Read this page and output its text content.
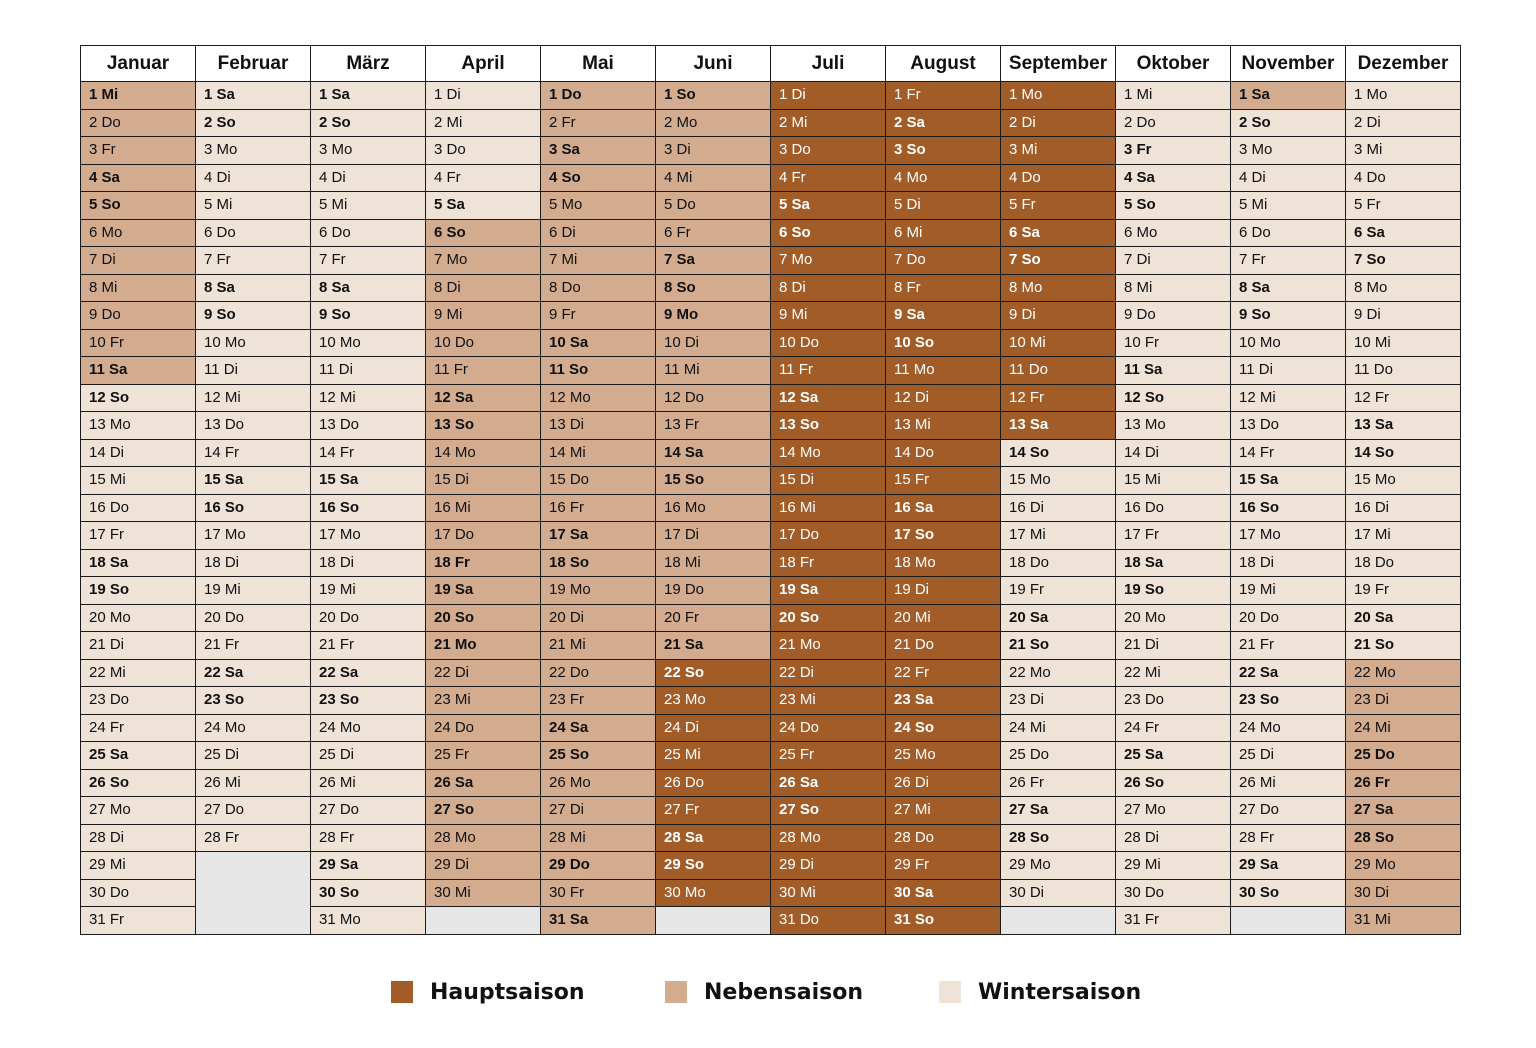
Januar	Februar	März	April	Mai	Juni	Juli	August	September	Oktober	November	Dezember
1 Mi	1 Sa	1 Sa	1 Di	1 Do	1 So	1 Di	1 Fr	1 Mo	1 Mi	1 Sa	1 Mo
2 Do	2 So	2 So	2 Mi	2 Fr	2 Mo	2 Mi	2 Sa	2 Di	2 Do	2 So	2 Di
3 Fr	3 Mo	3 Mo	3 Do	3 Sa	3 Di	3 Do	3 So	3 Mi	3 Fr	3 Mo	3 Mi
4 Sa	4 Di	4 Di	4 Fr	4 So	4 Mi	4 Fr	4 Mo	4 Do	4 Sa	4 Di	4 Do
5 So	5 Mi	5 Mi	5 Sa	5 Mo	5 Do	5 Sa	5 Di	5 Fr	5 So	5 Mi	5 Fr
6 Mo	6 Do	6 Do	6 So	6 Di	6 Fr	6 So	6 Mi	6 Sa	6 Mo	6 Do	6 Sa
7 Di	7 Fr	7 Fr	7 Mo	7 Mi	7 Sa	7 Mo	7 Do	7 So	7 Di	7 Fr	7 So
8 Mi	8 Sa	8 Sa	8 Di	8 Do	8 So	8 Di	8 Fr	8 Mo	8 Mi	8 Sa	8 Mo
9 Do	9 So	9 So	9 Mi	9 Fr	9 Mo	9 Mi	9 Sa	9 Di	9 Do	9 So	9 Di
10 Fr	10 Mo	10 Mo	10 Do	10 Sa	10 Di	10 Do	10 So	10 Mi	10 Fr	10 Mo	10 Mi
11 Sa	11 Di	11 Di	11 Fr	11 So	11 Mi	11 Fr	11 Mo	11 Do	11 Sa	11 Di	11 Do
12 So	12 Mi	12 Mi	12 Sa	12 Mo	12 Do	12 Sa	12 Di	12 Fr	12 So	12 Mi	12 Fr
13 Mo	13 Do	13 Do	13 So	13 Di	13 Fr	13 So	13 Mi	13 Sa	13 Mo	13 Do	13 Sa
14 Di	14 Fr	14 Fr	14 Mo	14 Mi	14 Sa	14 Mo	14 Do	14 So	14 Di	14 Fr	14 So
15 Mi	15 Sa	15 Sa	15 Di	15 Do	15 So	15 Di	15 Fr	15 Mo	15 Mi	15 Sa	15 Mo
16 Do	16 So	16 So	16 Mi	16 Fr	16 Mo	16 Mi	16 Sa	16 Di	16 Do	16 So	16 Di
17 Fr	17 Mo	17 Mo	17 Do	17 Sa	17 Di	17 Do	17 So	17 Mi	17 Fr	17 Mo	17 Mi
18 Sa	18 Di	18 Di	18 Fr	18 So	18 Mi	18 Fr	18 Mo	18 Do	18 Sa	18 Di	18 Do
19 So	19 Mi	19 Mi	19 Sa	19 Mo	19 Do	19 Sa	19 Di	19 Fr	19 So	19 Mi	19 Fr
20 Mo	20 Do	20 Do	20 So	20 Di	20 Fr	20 So	20 Mi	20 Sa	20 Mo	20 Do	20 Sa
21 Di	21 Fr	21 Fr	21 Mo	21 Mi	21 Sa	21 Mo	21 Do	21 So	21 Di	21 Fr	21 So
22 Mi	22 Sa	22 Sa	22 Di	22 Do	22 So	22 Di	22 Fr	22 Mo	22 Mi	22 Sa	22 Mo
23 Do	23 So	23 So	23 Mi	23 Fr	23 Mo	23 Mi	23 Sa	23 Di	23 Do	23 So	23 Di
24 Fr	24 Mo	24 Mo	24 Do	24 Sa	24 Di	24 Do	24 So	24 Mi	24 Fr	24 Mo	24 Mi
25 Sa	25 Di	25 Di	25 Fr	25 So	25 Mi	25 Fr	25 Mo	25 Do	25 Sa	25 Di	25 Do
26 So	26 Mi	26 Mi	26 Sa	26 Mo	26 Do	26 Sa	26 Di	26 Fr	26 So	26 Mi	26 Fr
27 Mo	27 Do	27 Do	27 So	27 Di	27 Fr	27 So	27 Mi	27 Sa	27 Mo	27 Do	27 Sa
28 Di	28 Fr	28 Fr	28 Mo	28 Mi	28 Sa	28 Mo	28 Do	28 So	28 Di	28 Fr	28 So
29 Mi		29 Sa	29 Di	29 Do	29 So	29 Di	29 Fr	29 Mo	29 Mi	29 Sa	29 Mo
30 Do		30 So	30 Mi	30 Fr	30 Mo	30 Mi	30 Sa	30 Di	30 Do	30 So	30 Di
31 Fr		31 Mo		31 Sa		31 Do	31 So		31 Fr		31 Mi
Hauptsaison	Nebensaison	Wintersaison
